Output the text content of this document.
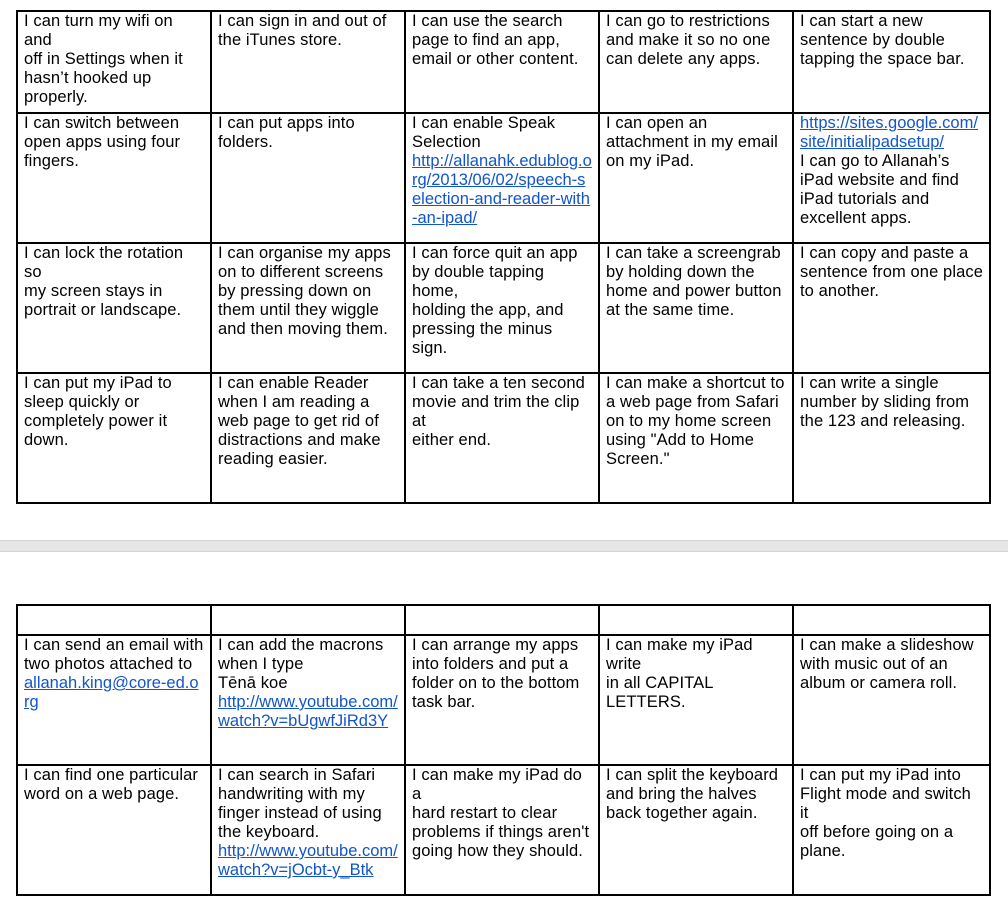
I can turn my wifi on and
off in Settings when it
hasn’t hooked up
properly.	I can sign in and out of
the iTunes store.	I can use the search
page to find an app,
email or other content.	I can go to restrictions
and make it so no one
can delete any apps.	I can start a new
sentence by double
tapping the space bar.

I can switch between
open apps using four
fingers.	I can put apps into
folders.	I can enable Speak
Selection
http://allanahk.edublog.org/2013/06/02/speech-selection-and-reader-with-an-ipad/	I can open an
attachment in my email
on my iPad.	https://sites.google.com/site/initialipadsetup/
I can go to Allanah’s
iPad website and find
iPad tutorials and
excellent apps.

I can lock the rotation so
my screen stays in
portrait or landscape.	I can organise my apps
on to different screens
by pressing down on
them until they wiggle
and then moving them.	I can force quit an app
by double tapping home,
holding the app, and
pressing the minus sign.	I can take a screengrab
by holding down the
home and power button
at the same time.	I can copy and paste a
sentence from one place
to another.

I can put my iPad to
sleep quickly or
completely power it
down.	I can enable Reader
when I am reading a
web page to get rid of
distractions and make
reading easier.	I can take a ten second
movie and trim the clip at
either end.	I can make a shortcut to
a web page from Safari
on to my home screen
using "Add to Home
Screen."	I can write a single
number by sliding from
the 123 and releasing.

I can send an email with
two photos attached to

allanah.king@core-ed.org	I can add the macrons
when I type
Tēnā koe
http://www.youtube.com/watch?v=bUgwfJiRd3Y	I can arrange my apps
into folders and put a
folder on to the bottom
task bar.	I can make my iPad write
in all CAPITAL
LETTERS.	I can make a slideshow
with music out of an
album or camera roll.

I can find one particular
word on a web page.	I can search in Safari
handwriting with my
finger instead of using
the keyboard.
http://www.youtube.com/watch?v=jOcbt-y_Btk	I can make my iPad do a
hard restart to clear
problems if things aren't
going how they should.	I can split the keyboard
and bring the halves
back together again.	I can put my iPad into
Flight mode and switch it
off before going on a
plane.
